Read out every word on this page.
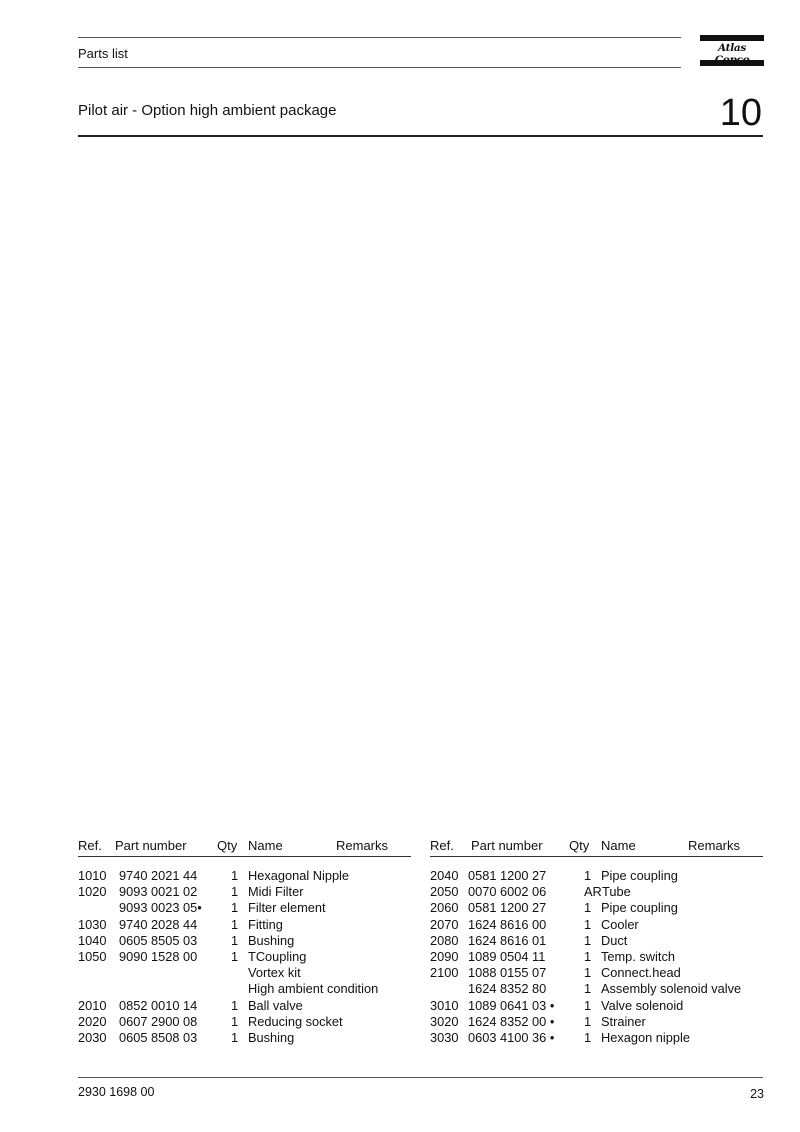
Parts list	Atlas
Pilot air - Option high ambient package	10
Ref. Part number Qty Name	Remarks
1010 9740 2021 44	1 Hexagonal Nipple
1020 9093 0021 02	1 Midi Filter
9093 0023 05• 1 Filter element
1030 9740 2028 44	1 Fitting
1040 0605 8505 03	1 Bushing
1050 9090 1528 00	1 TCoupling
Vortex kit
High ambient condition
2010 0852 0010 14	1 Ball valve
2020 0607 2900 08	1 Reducing socket
2030 0605 8508 03	1 Bushing
Ref. Part number Qty Name	Remarks
2040 0581 1200 27	1 Pipe coupling
2050 0070 6002 06	AR Tube
2060 0581 1200 27	1 Pipe coupling
2070 1624 8616 00	1 Cooler
2080 1624 8616 01	1 Duct
2090 1089 0504 11	1 Temp. switch
2100 1088 0155 07	1 Connect.head
1624 8352 80	1 Assembly solenoid valve
3010 1089 0641 03 • 1 Valve solenoid
3020 1624 8352 00 • 1 Strainer
3030 0603 4100 36 • 1 Hexagon nipple
2930 1698 00	23
